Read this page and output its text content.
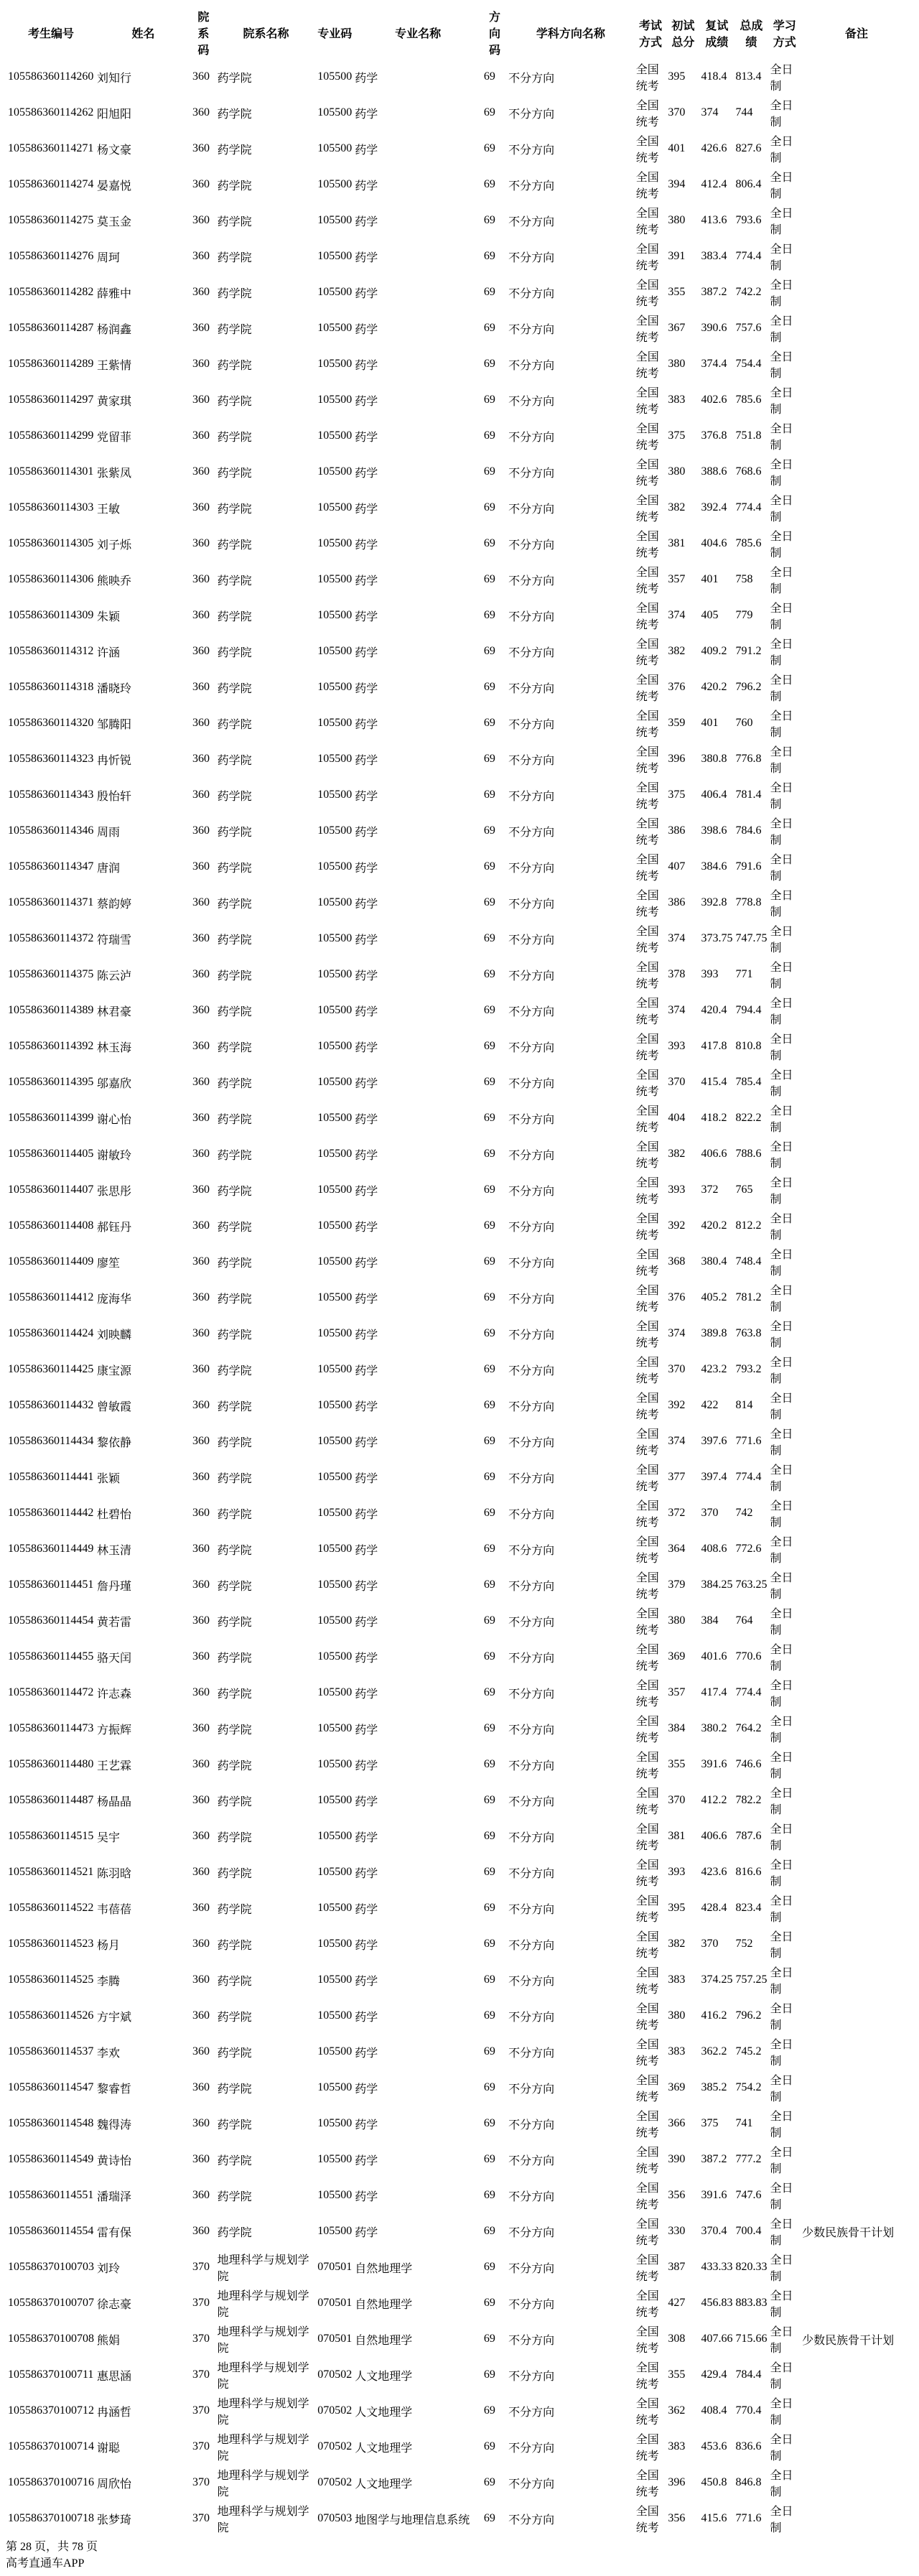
考生编号	姓名	院系码	院系名称	专业码	专业名称	方向码	学科方向名称	考试方式	初试总分	复试成绩	总成绩	学习方式	备注
105586360114260	刘知行	360	药学院	105500	药学	69	不分方向	全国统考	395	418.4	813.4	全日制	
105586360114262	阳旭阳	360	药学院	105500	药学	69	不分方向	全国统考	370	374	744	全日制	
105586360114271	杨文豪	360	药学院	105500	药学	69	不分方向	全国统考	401	426.6	827.6	全日制	
105586360114274	晏嘉悦	360	药学院	105500	药学	69	不分方向	全国统考	394	412.4	806.4	全日制	
105586360114275	莫玉金	360	药学院	105500	药学	69	不分方向	全国统考	380	413.6	793.6	全日制	
105586360114276	周珂	360	药学院	105500	药学	69	不分方向	全国统考	391	383.4	774.4	全日制	
105586360114282	薛雅中	360	药学院	105500	药学	69	不分方向	全国统考	355	387.2	742.2	全日制	
105586360114287	杨润鑫	360	药学院	105500	药学	69	不分方向	全国统考	367	390.6	757.6	全日制	
105586360114289	王紫情	360	药学院	105500	药学	69	不分方向	全国统考	380	374.4	754.4	全日制	
105586360114297	黄家琪	360	药学院	105500	药学	69	不分方向	全国统考	383	402.6	785.6	全日制	
105586360114299	党留菲	360	药学院	105500	药学	69	不分方向	全国统考	375	376.8	751.8	全日制	
105586360114301	张紫凤	360	药学院	105500	药学	69	不分方向	全国统考	380	388.6	768.6	全日制	
105586360114303	王敏	360	药学院	105500	药学	69	不分方向	全国统考	382	392.4	774.4	全日制	
105586360114305	刘子烁	360	药学院	105500	药学	69	不分方向	全国统考	381	404.6	785.6	全日制	
105586360114306	熊映乔	360	药学院	105500	药学	69	不分方向	全国统考	357	401	758	全日制	
105586360114309	朱颖	360	药学院	105500	药学	69	不分方向	全国统考	374	405	779	全日制	
105586360114312	许涵	360	药学院	105500	药学	69	不分方向	全国统考	382	409.2	791.2	全日制	
105586360114318	潘晓玲	360	药学院	105500	药学	69	不分方向	全国统考	376	420.2	796.2	全日制	
105586360114320	邹腾阳	360	药学院	105500	药学	69	不分方向	全国统考	359	401	760	全日制	
105586360114323	冉忻锐	360	药学院	105500	药学	69	不分方向	全国统考	396	380.8	776.8	全日制	
105586360114343	殷怡轩	360	药学院	105500	药学	69	不分方向	全国统考	375	406.4	781.4	全日制	
105586360114346	周雨	360	药学院	105500	药学	69	不分方向	全国统考	386	398.6	784.6	全日制	
105586360114347	唐润	360	药学院	105500	药学	69	不分方向	全国统考	407	384.6	791.6	全日制	
105586360114371	蔡韵婷	360	药学院	105500	药学	69	不分方向	全国统考	386	392.8	778.8	全日制	
105586360114372	符瑞雪	360	药学院	105500	药学	69	不分方向	全国统考	374	373.75	747.75	全日制	
105586360114375	陈云泸	360	药学院	105500	药学	69	不分方向	全国统考	378	393	771	全日制	
105586360114389	林君豪	360	药学院	105500	药学	69	不分方向	全国统考	374	420.4	794.4	全日制	
105586360114392	林玉海	360	药学院	105500	药学	69	不分方向	全国统考	393	417.8	810.8	全日制	
105586360114395	邬嘉欣	360	药学院	105500	药学	69	不分方向	全国统考	370	415.4	785.4	全日制	
105586360114399	谢心怡	360	药学院	105500	药学	69	不分方向	全国统考	404	418.2	822.2	全日制	
105586360114405	谢敏玲	360	药学院	105500	药学	69	不分方向	全国统考	382	406.6	788.6	全日制	
105586360114407	张思彤	360	药学院	105500	药学	69	不分方向	全国统考	393	372	765	全日制	
105586360114408	郝钰丹	360	药学院	105500	药学	69	不分方向	全国统考	392	420.2	812.2	全日制	
105586360114409	廖笙	360	药学院	105500	药学	69	不分方向	全国统考	368	380.4	748.4	全日制	
105586360114412	庞海华	360	药学院	105500	药学	69	不分方向	全国统考	376	405.2	781.2	全日制	
105586360114424	刘映麟	360	药学院	105500	药学	69	不分方向	全国统考	374	389.8	763.8	全日制	
105586360114425	康宝源	360	药学院	105500	药学	69	不分方向	全国统考	370	423.2	793.2	全日制	
105586360114432	曾敏霞	360	药学院	105500	药学	69	不分方向	全国统考	392	422	814	全日制	
105586360114434	黎依静	360	药学院	105500	药学	69	不分方向	全国统考	374	397.6	771.6	全日制	
105586360114441	张颖	360	药学院	105500	药学	69	不分方向	全国统考	377	397.4	774.4	全日制	
105586360114442	杜碧怡	360	药学院	105500	药学	69	不分方向	全国统考	372	370	742	全日制	
105586360114449	林玉清	360	药学院	105500	药学	69	不分方向	全国统考	364	408.6	772.6	全日制	
105586360114451	詹丹瑾	360	药学院	105500	药学	69	不分方向	全国统考	379	384.25	763.25	全日制	
105586360114454	黄若雷	360	药学院	105500	药学	69	不分方向	全国统考	380	384	764	全日制	
105586360114455	骆天闰	360	药学院	105500	药学	69	不分方向	全国统考	369	401.6	770.6	全日制	
105586360114472	许志森	360	药学院	105500	药学	69	不分方向	全国统考	357	417.4	774.4	全日制	
105586360114473	方振辉	360	药学院	105500	药学	69	不分方向	全国统考	384	380.2	764.2	全日制	
105586360114480	王艺霖	360	药学院	105500	药学	69	不分方向	全国统考	355	391.6	746.6	全日制	
105586360114487	杨晶晶	360	药学院	105500	药学	69	不分方向	全国统考	370	412.2	782.2	全日制	
105586360114515	吴宇	360	药学院	105500	药学	69	不分方向	全国统考	381	406.6	787.6	全日制	
105586360114521	陈羽晗	360	药学院	105500	药学	69	不分方向	全国统考	393	423.6	816.6	全日制	
105586360114522	韦蓓蓓	360	药学院	105500	药学	69	不分方向	全国统考	395	428.4	823.4	全日制	
105586360114523	杨月	360	药学院	105500	药学	69	不分方向	全国统考	382	370	752	全日制	
105586360114525	李腾	360	药学院	105500	药学	69	不分方向	全国统考	383	374.25	757.25	全日制	
105586360114526	方宇斌	360	药学院	105500	药学	69	不分方向	全国统考	380	416.2	796.2	全日制	
105586360114537	李欢	360	药学院	105500	药学	69	不分方向	全国统考	383	362.2	745.2	全日制	
105586360114547	黎睿哲	360	药学院	105500	药学	69	不分方向	全国统考	369	385.2	754.2	全日制	
105586360114548	魏得涛	360	药学院	105500	药学	69	不分方向	全国统考	366	375	741	全日制	
105586360114549	黄诗怡	360	药学院	105500	药学	69	不分方向	全国统考	390	387.2	777.2	全日制	
105586360114551	潘瑞泽	360	药学院	105500	药学	69	不分方向	全国统考	356	391.6	747.6	全日制	
105586360114554	雷有保	360	药学院	105500	药学	69	不分方向	全国统考	330	370.4	700.4	全日制	少数民族骨干计划
105586370100703	刘玲	370	地理科学与规划学院	070501	自然地理学	69	不分方向	全国统考	387	433.33	820.33	全日制	
105586370100707	徐志豪	370	地理科学与规划学院	070501	自然地理学	69	不分方向	全国统考	427	456.83	883.83	全日制	
105586370100708	熊娟	370	地理科学与规划学院	070501	自然地理学	69	不分方向	全国统考	308	407.66	715.66	全日制	少数民族骨干计划
105586370100711	惠思涵	370	地理科学与规划学院	070502	人文地理学	69	不分方向	全国统考	355	429.4	784.4	全日制	
105586370100712	冉涵哲	370	地理科学与规划学院	070502	人文地理学	69	不分方向	全国统考	362	408.4	770.4	全日制	
105586370100714	谢聪	370	地理科学与规划学院	070502	人文地理学	69	不分方向	全国统考	383	453.6	836.6	全日制	
105586370100716	周欣怡	370	地理科学与规划学院	070502	人文地理学	69	不分方向	全国统考	396	450.8	846.8	全日制	
105586370100718	张梦琦	370	地理科学与规划学院	070503	地图学与地理信息系统	69	不分方向	全国统考	356	415.6	771.6	全日制	
第 28 页，共 78 页
高考直通车APP
